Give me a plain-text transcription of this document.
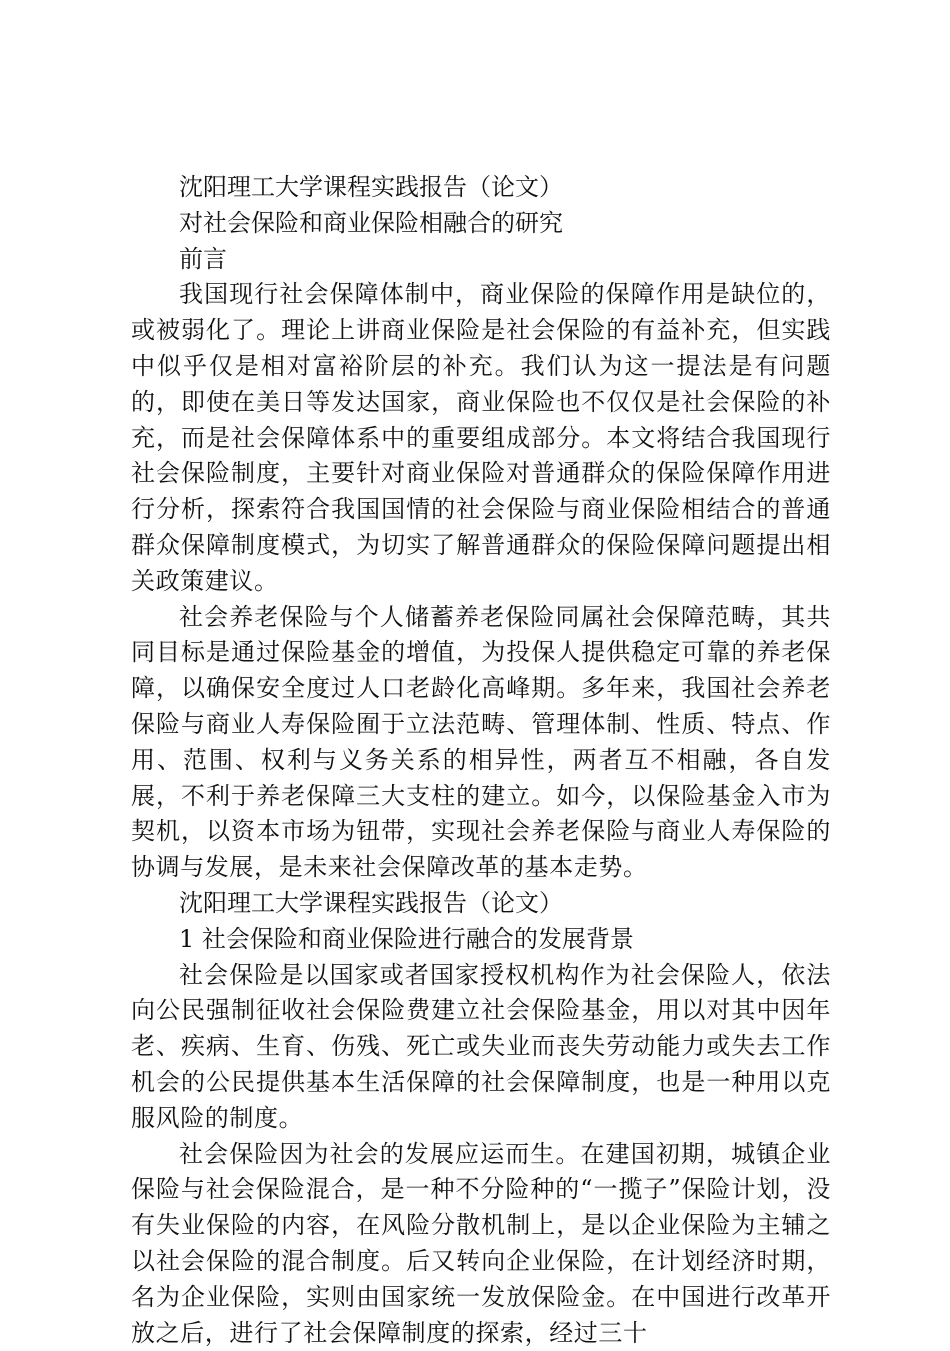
沈阳理工大学课程实践报告（论文）

对社会保险和商业保险相融合的研究

前言

我国现行社会保障体制中，商业保险的保障作用是缺位的，或被弱化了。理论上讲商业保险是社会保险的有益补充，但实践中似乎仅是相对富裕阶层的补充。我们认为这一提法是有问题的，即使在美日等发达国家，商业保险也不仅仅是社会保险的补充，而是社会保障体系中的重要组成部分。本文将结合我国现行社会保险制度，主要针对商业保险对普通群众的保险保障作用进行分析，探索符合我国国情的社会保险与商业保险相结合的普通群众保障制度模式，为切实了解普通群众的保险保障问题提出相关政策建议。

社会养老保险与个人储蓄养老保险同属社会保障范畴，其共同目标是通过保险基金的增值，为投保人提供稳定可靠的养老保障，以确保安全度过人口老龄化高峰期。多年来，我国社会养老保险与商业人寿保险囿于立法范畴、管理体制、性质、特点、作用、范围、权利与义务关系的相异性，两者互不相融，各自发展，不利于养老保障三大支柱的建立。如今，以保险基金入市为契机，以资本市场为钮带，实现社会养老保险与商业人寿保险的协调与发展，是未来社会保障改革的基本走势。

沈阳理工大学课程实践报告（论文）

1 社会保险和商业保险进行融合的发展背景

社会保险是以国家或者国家授权机构作为社会保险人，依法向公民强制征收社会保险费建立社会保险基金，用以对其中因年老、疾病、生育、伤残、死亡或失业而丧失劳动能力或失去工作机会的公民提供基本生活保障的社会保障制度，也是一种用以克服风险的制度。

社会保险因为社会的发展应运而生。在建国初期，城镇企业保险与社会保险混合，是一种不分险种的“一揽子”保险计划，没有失业保险的内容，在风险分散机制上，是以企业保险为主辅之以社会保险的混合制度。后又转向企业保险，在计划经济时期，名为企业保险，实则由国家统一发放保险金。在中国进行改革开放之后，进行了社会保障制度的探索，经过三十
